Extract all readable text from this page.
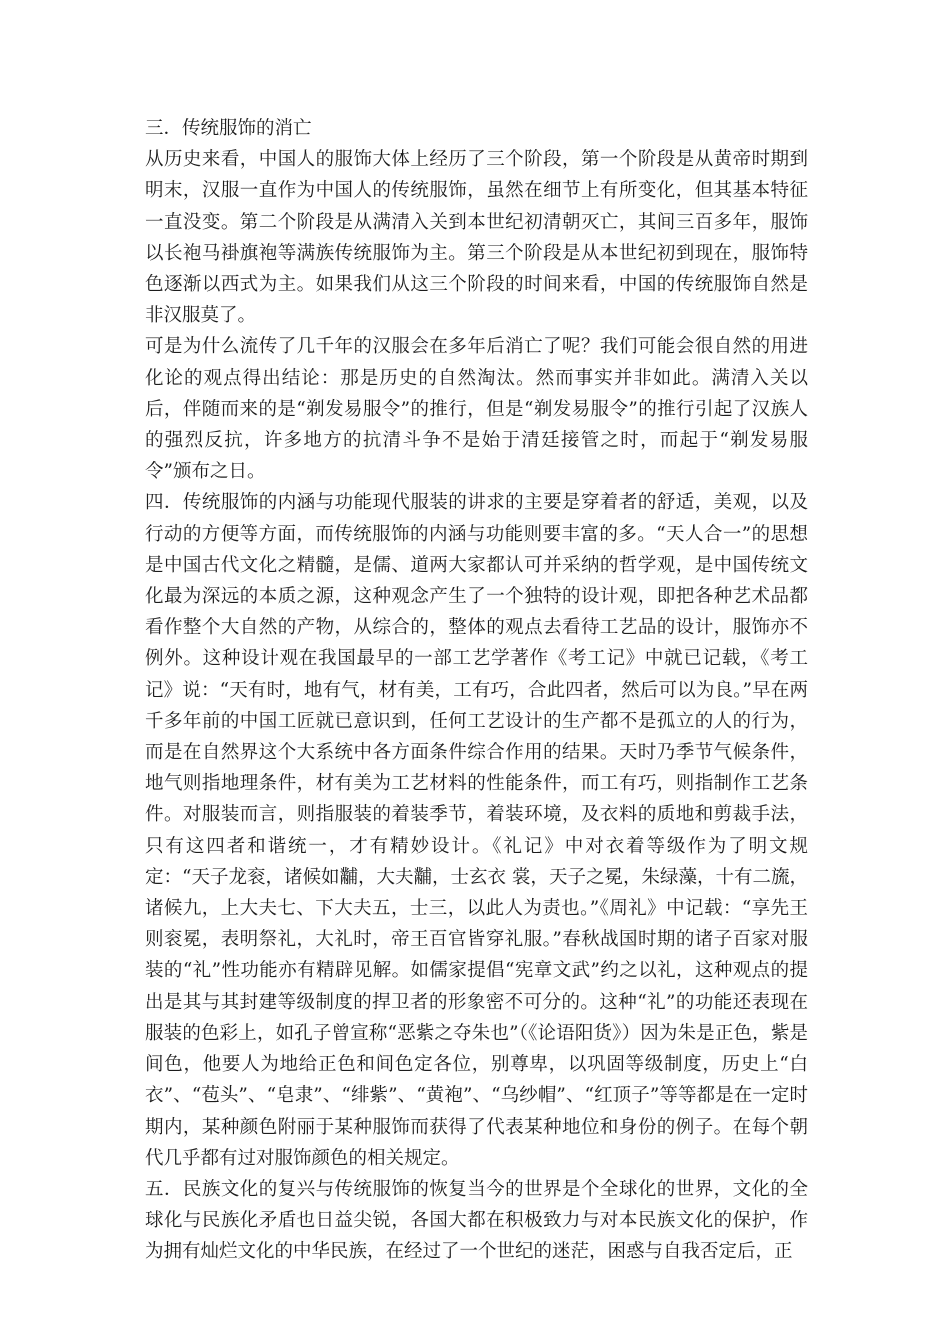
三．传统服饰的消亡

从历史来看，中国人的服饰大体上经历了三个阶段，第一个阶段是从黄帝时期到明末，汉服一直作为中国人的传统服饰，虽然在细节上有所变化，但其基本特征一直没变。第二个阶段是从满清入关到本世纪初清朝灭亡，其间三百多年，服饰以长袍马褂旗袍等满族传统服饰为主。第三个阶段是从本世纪初到现在，服饰特色逐渐以西式为主。如果我们从这三个阶段的时间来看，中国的传统服饰自然是非汉服莫了。

可是为什么流传了几千年的汉服会在多年后消亡了呢？我们可能会很自然的用进化论的观点得出结论：那是历史的自然淘汰。然而事实并非如此。满清入关以后，伴随而来的是“剃发易服令”的推行，但是“剃发易服令”的推行引起了汉族人的强烈反抗，许多地方的抗清斗争不是始于清廷接管之时，而起于“剃发易服令”颁布之日。

四．传统服饰的内涵与功能现代服装的讲求的主要是穿着者的舒适，美观，以及行动的方便等方面，而传统服饰的内涵与功能则要丰富的多。“天人合一”的思想是中国古代文化之精髓，是儒、道两大家都认可并采纳的哲学观，是中国传统文化最为深远的本质之源，这种观念产生了一个独特的设计观，即把各种艺术品都看作整个大自然的产物，从综合的，整体的观点去看待工艺品的设计，服饰亦不例外。这种设计观在我国最早的一部工艺学著作《考工记》中就已记载，《考工记》说：“天有时，地有气，材有美，工有巧，合此四者，然后可以为良。”早在两千多年前的中国工匠就已意识到，任何工艺设计的生产都不是孤立的人的行为，而是在自然界这个大系统中各方面条件综合作用的结果。天时乃季节气候条件，地气则指地理条件，材有美为工艺材料的性能条件，而工有巧，则指制作工艺条件。对服装而言，则指服装的着装季节，着装环境，及衣料的质地和剪裁手法，只有这四者和谐统一，才有精妙设计。《礼记》中对衣着等级作为了明文规定：“天子龙衮，诸候如黼，大夫黼，士玄衣 裳，天子之冕，朱绿藻，十有二旒，诸候九，上大夫七、下大夫五，士三，以此人为责也。”《周礼》中记载：“享先王则衮冕，表明祭礼，大礼时，帝王百官皆穿礼服。”春秋战国时期的诸子百家对服装的“礼”性功能亦有精辟见解。如儒家提倡“宪章文武”约之以礼，这种观点的提出是其与其封建等级制度的捍卫者的形象密不可分的。这种“礼”的功能还表现在服装的色彩上，如孔子曾宣称“恶紫之夺朱也”（《论语阳货》）因为朱是正色，紫是间色，他要人为地给正色和间色定各位，别尊卑，以巩固等级制度，历史上“白衣”、“苞头”、“皂隶”、“绯紫”、“黄袍”、“乌纱帽”、“红顶子”等等都是在一定时期内，某种颜色附丽于某种服饰而获得了代表某种地位和身份的例子。在每个朝代几乎都有过对服饰颜色的相关规定。

五．民族文化的复兴与传统服饰的恢复当今的世界是个全球化的世界，文化的全球化与民族化矛盾也日益尖锐，各国大都在积极致力与对本民族文化的保护，作为拥有灿烂文化的中华民族，在经过了一个世纪的迷茫，困惑与自我否定后，正
